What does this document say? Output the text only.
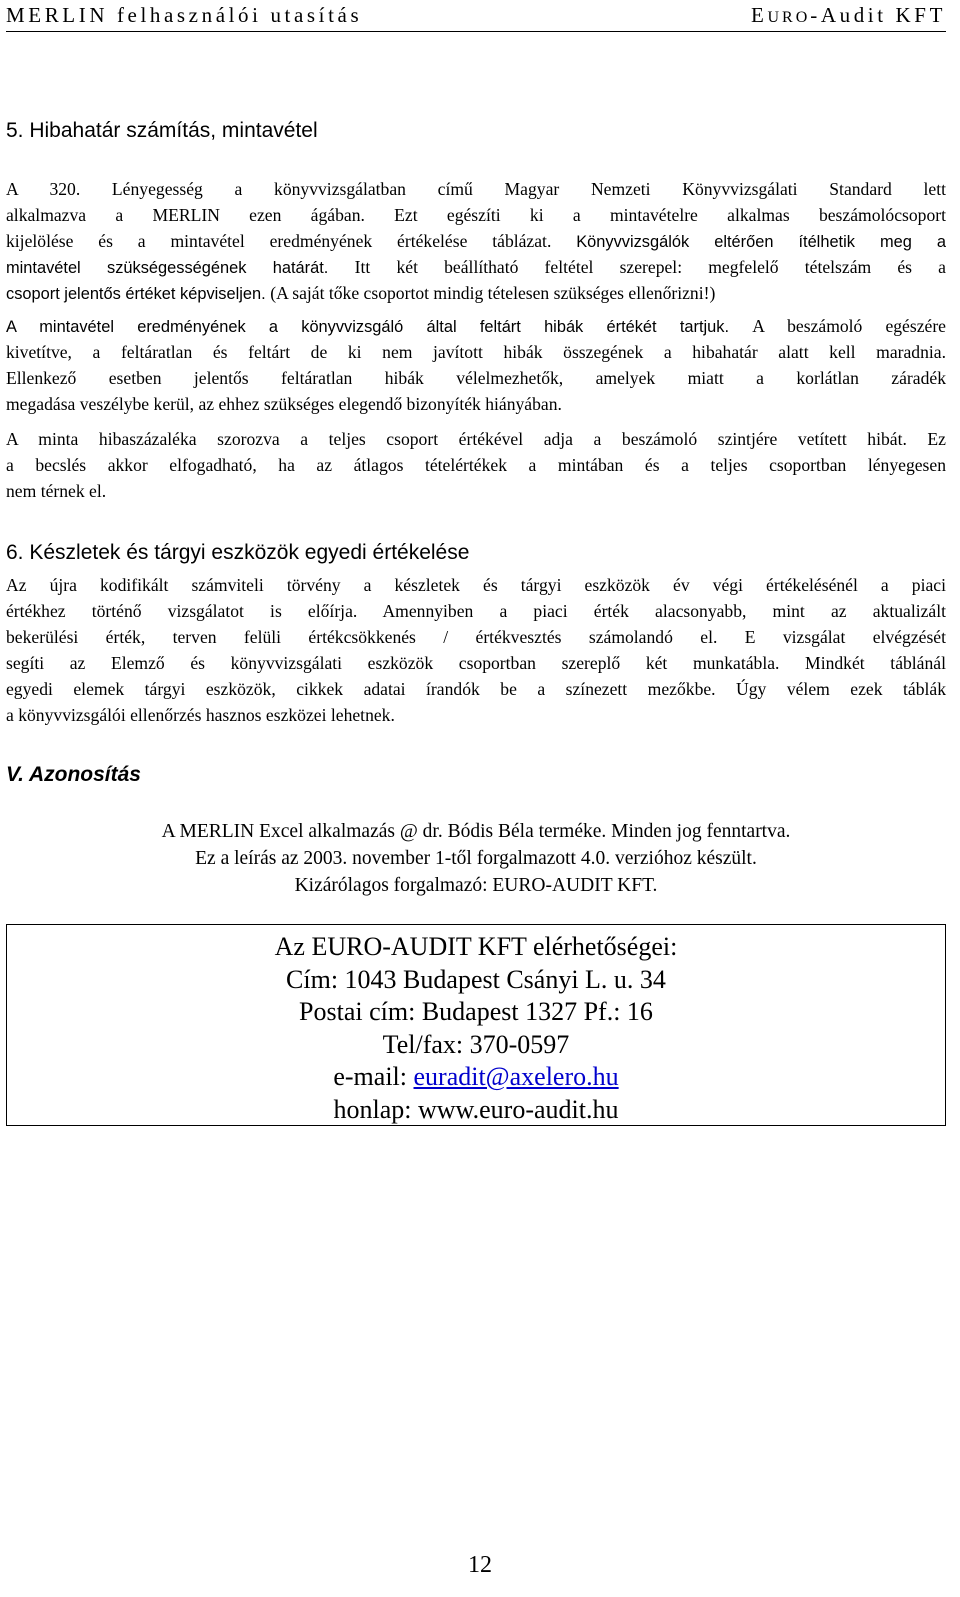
MERLIN felhasználói utasítás	EURO-Audit KFT
5. Hibahatár számítás, mintavétel
A 320. Lényegesség a könyvvizsgálatban című Magyar Nemzeti Könyvvizsgálati Standard lett
alkalmazva a MERLIN ezen ágában. Ezt egészíti ki a mintavételre alkalmas beszámolócsoport
kijelölése és a mintavétel eredményének értékelése táblázat. Könyvvizsgálók eltérően ítélhetik meg a
mintavétel szükségességének határát. Itt két beállítható feltétel szerepel: megfelelő tételszám és a
csoport jelentős értéket képviseljen. (A saját tőke csoportot mindig tételesen szükséges ellenőrizni!)
A mintavétel eredményének a könyvvizsgáló által feltárt hibák értékét tartjuk. A beszámoló egészére
kivetítve, a feltáratlan és feltárt de ki nem javított hibák összegének a hibahatár alatt kell maradnia.
Ellenkező esetben jelentős feltáratlan hibák vélelmezhetők, amelyek miatt a korlátlan záradék
megadása veszélybe kerül, az ehhez szükséges elegendő bizonyíték hiányában.
A minta hibaszázaléka szorozva a teljes csoport értékével adja a beszámoló szintjére vetített hibát. Ez
a becslés akkor elfogadható, ha az átlagos tételértékek a mintában és a teljes csoportban lényegesen
nem térnek el.
6. Készletek és tárgyi eszközök egyedi értékelése
Az újra kodifikált számviteli törvény a készletek és tárgyi eszközök év végi értékelésénél a piaci
értékhez történő vizsgálatot is előírja. Amennyiben a piaci érték alacsonyabb, mint az aktualizált
bekerülési érték, terven felüli értékcsökkenés / értékvesztés számolandó el. E vizsgálat elvégzését
segíti az Elemző és könyvvizsgálati eszközök csoportban szereplő két munkatábla. Mindkét táblánál
egyedi elemek tárgyi eszközök, cikkek adatai írandók be a színezett mezőkbe. Úgy vélem ezek táblák
a könyvvizsgálói ellenőrzés hasznos eszközei lehetnek.
V. Azonosítás
A MERLIN Excel alkalmazás @ dr. Bódis Béla terméke. Minden jog fenntartva.
Ez a leírás az 2003. november 1-től forgalmazott 4.0. verzióhoz készült.
Kizárólagos forgalmazó: EURO-AUDIT KFT.
Az EURO-AUDIT KFT elérhetőségei:
Cím: 1043 Budapest Csányi L. u. 34
Postai cím: Budapest 1327 Pf.: 16
Tel/fax: 370-0597
e-mail: euradit@axelero.hu
honlap: www.euro-audit.hu
12
